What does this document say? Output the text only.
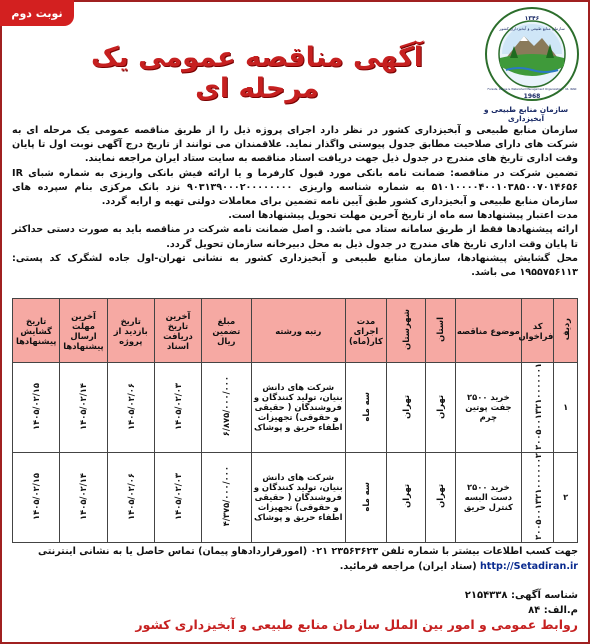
۱۳۴۶
1968
سازمان منابع طبیعی و آبخیزداری کشور
Forests, Range & Watershed Management Organization - I.R. IRAN
سازمان منابع طبیعی و آبخیزداری
آگهی مناقصه عمومی یک مرحله ای
نوبت دوم

سازمان منابع طبیعی و آبخیزداری کشور در نظر دارد اجرای پروژه ذیل را از طریق مناقصه عمومی یک مرحله ای به شرکت های دارای صلاحیت مطابق جدول پیوستی واگذار نماید. علاقمندان می توانند از تاریخ درج آگهی نوبت اول تا پایان وقت اداری تاریخ های مندرج در جدول ذیل جهت دریافت اسناد مناقصه به سایت ستاد ایران مراجعه نمایند.

تضمین شرکت در مناقصه: ضمانت نامه بانکی مورد قبول کارفرما و یا ارائه فیش بانکی واریزی به شماره شبای IR ۵۱۰۱۰۰۰۰۴۰۰۱۰۳۸۵۰۰۷۰۱۴۶۵۶ به شماره شناسه واریزی ۹۰۳۱۳۹۰۰۰۲۰۰۰۰۰۰۰۰ نزد بانک مرکزی بنام سپرده های سازمان منابع طبیعی و آبخیزداری کشور طبق آیین نامه تضمین برای معاملات دولتی تهیه و ارایه گردد.

مدت اعتبار پیشنهادها سه ماه از تاریخ آخرین مهلت تحویل پیشنهادها است.

ارائه پیشنهادها فقط از طریق سامانه ستاد می باشد. و اصل ضمانت نامه شرکت در مناقصه باید به صورت دستی حداکثر تا پایان وقت اداری تاریخ های مندرج در جدول ذیل به محل دبیرخانه سازمان تحویل گردد.

محل گشایش پیشنهادها، سازمان منابع طبیعی و آبخیزداری کشور به نشانی تهران-اول جاده لشگرک کد پستی: ۱۹۵۵۷۵۶۱۱۳ می باشد.

ردیف	کد فراخوان	موضوع مناقصه	استان	شهرستان	مدت اجرای کار(ماه)	رتبه ورشته	مبلغ تضمین ریال	آخرین تاریخ دریافت اسناد	تاریخ بازدید از پروژه	آخرین مهلت ارسال پیشنهادها	تاریخ گشایش پیشنهادها
۱	۲۰۰۵۰۰۱۳۲۱۰۰۰۰۰۰۱	خرید ۲۵۰۰ جفت پوتین چرم	تهران	تهران	سه ماه	شرکت های دانش بنیان، تولید کنندگان و فروشندگان ( حقیقی و حقوقی) تجهیزات اطفاء حریق و پوشاک	۶/۸۷۵/۰۰۰/۰۰۰	۱۴۰۵/۰۲/۰۳	۱۴۰۵/۰۲/۰۶	۱۴۰۵/۰۲/۱۴	۱۴۰۵/۰۲/۱۵
۲	۲۰۰۵۰۰۱۳۲۱۰۰۰۰۰۰۲	خرید ۲۵۰۰ دست البسه کنترل حریق	تهران	تهران	سه ماه	شرکت های دانش بنیان، تولید کنندگان و فروشندگان ( حقیقی و حقوقی) تجهیزات اطفاء حریق و پوشاک	۴/۳۷۵/۰۰۰/۰۰۰	۱۴۰۵/۰۲/۰۳	۱۴۰۵/۰۲/۰۶	۱۴۰۵/۰۲/۱۴	۱۴۰۵/۰۲/۱۵
جهت کسب اطلاعات بیشتر با شماره تلفن ۲۳۵۶۳۶۲۳ ۰۲۱ (امورقراردادهاو پیمان) تماس حاصل یا به نشانی اینترنتی http://Setadiran.ir (ستاد ایران) مراجعه فرمائید.
شناسه آگهی: ۲۱۵۴۳۳۸
م.الف: ۸۴
روابط عمومی و امور بین الملل سازمان منابع طبیعی و آبخیزداری کشور
